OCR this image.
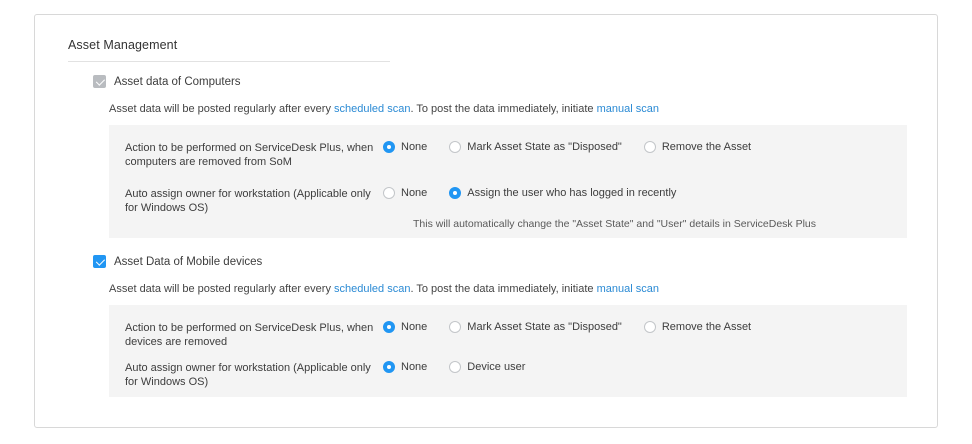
Asset Management
Asset data of Computers
Asset data will be posted regularly after every scheduled scan. To post the data immediately, initiate manual scan
Action to be performed on ServiceDesk Plus, when computers are removed from SoM
None	Mark Asset State as "Disposed"	Remove the Asset
Auto assign owner for workstation (Applicable only for Windows OS)
None	Assign the user who has logged in recently
This will automatically change the "Asset State" and "User" details in ServiceDesk Plus
Asset Data of Mobile devices
Asset data will be posted regularly after every scheduled scan. To post the data immediately, initiate manual scan
Action to be performed on ServiceDesk Plus, when devices are removed
None	Mark Asset State as "Disposed"	Remove the Asset
Auto assign owner for workstation (Applicable only for Windows OS)
None	Device user
